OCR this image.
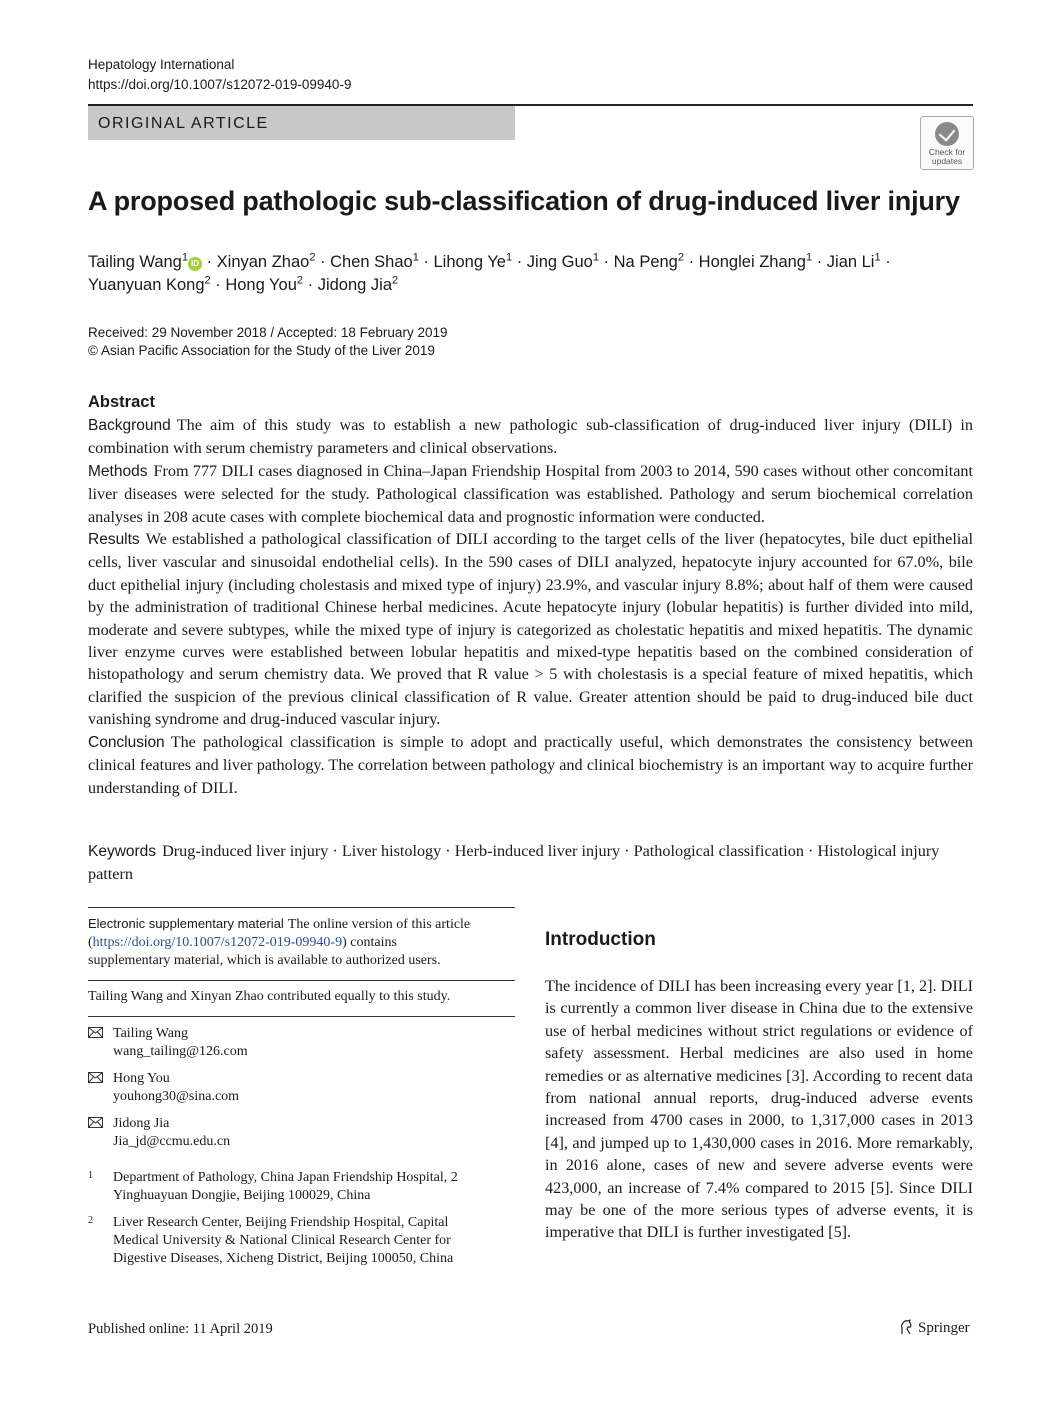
Hepatology International
https://doi.org/10.1007/s12072-019-09940-9
ORIGINAL ARTICLE
Check for
updates
A proposed pathologic sub-classification of drug-induced liver injury
Tailing Wang$^1$ iD · Xinyan Zhao$^2$ · Chen Shao$^1$ · Lihong $Ye^1$ · Jing Guo$^1$ · Na Peng$^2$ · Honglei Zhang$^1$ · Jian $Li^1$ ·
Yuanyuan Kong$^2$ · Hong You$^2$ · Jidong Jia$^2$
Received: 29 November 2018 / Accepted: 18 February 2019
© Asian Pacific Association for the Study of the Liver 2019
Abstract

Background The aim of this study was to establish a new pathologic sub-classification of drug-induced liver injury (DILI) in combination with serum chemistry parameters and clinical observations.

Methods From 777 DILI cases diagnosed in China–Japan Friendship Hospital from 2003 to 2014, 590 cases without other concomitant liver diseases were selected for the study. Pathological classification was established. Pathology and serum biochemical correlation analyses in 208 acute cases with complete biochemical data and prognostic information were conducted.

Results We established a pathological classification of DILI according to the target cells of the liver (hepatocytes, bile duct epithelial cells, liver vascular and sinusoidal endothelial cells). In the 590 cases of DILI analyzed, hepatocyte injury accounted for 67.0%, bile duct epithelial injury (including cholestasis and mixed type of injury) 23.9%, and vascular injury 8.8%; about half of them were caused by the administration of traditional Chinese herbal medicines. Acute hepatocyte injury (lobular hepatitis) is further divided into mild, moderate and severe subtypes, while the mixed type of injury is categorized as cholestatic hepatitis and mixed hepatitis. The dynamic liver enzyme curves were established between lobular hepatitis and mixed-type hepatitis based on the combined consideration of histopathology and serum chemistry data. We proved that R value > 5 with cholestasis is a special feature of mixed hepatitis, which clarified the suspicion of the previous clinical classification of R value. Greater attention should be paid to drug-induced bile duct vanishing syndrome and drug-induced vascular injury.

Conclusion The pathological classification is simple to adopt and practically useful, which demonstrates the consistency between clinical features and liver pathology. The correlation between pathology and clinical biochemistry is an important way to acquire further understanding of DILI.

Keywords Drug-induced liver injury · Liver histology · Herb-induced liver injury · Pathological classification · Histological injury pattern
Electronic supplementary material The online version of this article (https://doi.org/10.1007/s12072-019-09940-9) contains supplementary material, which is available to authorized users.
Tailing Wang and Xinyan Zhao contributed equally to this study.
Tailing Wang
wang_tailing@126.com
Hong You
youhong30@sina.com
Jidong Jia
Jia_jd@ccmu.edu.cn
1 Department of Pathology, China Japan Friendship Hospital, 2 Yinghuayuan Dongjie, Beijing 100029, China
2 Liver Research Center, Beijing Friendship Hospital, Capital Medical University & National Clinical Research Center for Digestive Diseases, Xicheng District, Beijing 100050, China
Introduction
The incidence of DILI has been increasing every year [1, 2]. DILI is currently a common liver disease in China due to the extensive use of herbal medicines without strict regulations or evidence of safety assessment. Herbal medicines are also used in home remedies or as alternative medicines [3]. According to recent data from national annual reports, drug-induced adverse events increased from 4700 cases in 2000, to 1,317,000 cases in 2013 [4], and jumped up to 1,430,000 cases in 2016. More remarkably, in 2016 alone, cases of new and severe adverse events were 423,000, an increase of 7.4% compared to 2015 [5]. Since DILI may be one of the more serious types of adverse events, it is imperative that DILI is further investigated [5].
Published online: 11 April 2019	Springer
